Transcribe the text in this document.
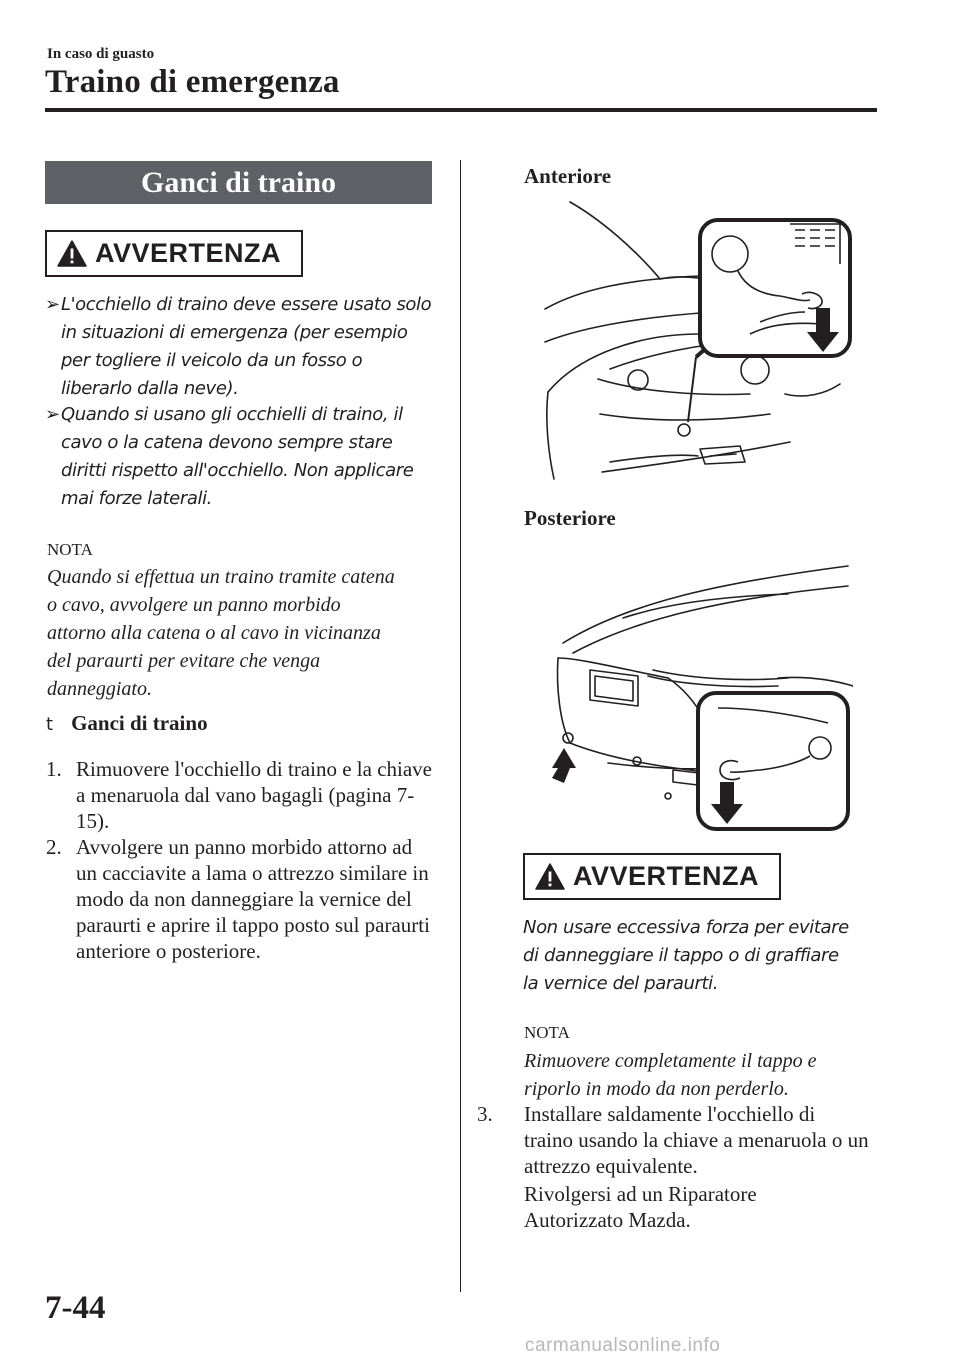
In caso di guasto
Traino di emergenza
Ganci di traino
AVVERTENZA
➢ L'occhiello di traino deve essere usato solo in situazioni di emergenza (per esempio per togliere il veicolo da un fosso o liberarlo dalla neve).
➢ Quando si usano gli occhielli di traino, il cavo o la catena devono sempre stare diritti rispetto all'occhiello. Non applicare mai forze laterali.
NOTA
Quando si effettua un traino tramite catena o cavo, avvolgere un panno morbido attorno alla catena o al cavo in vicinanza del paraurti per evitare che venga danneggiato.
t Ganci di traino
1. Rimuovere l'occhiello di traino e la chiave a menaruola dal vano bagagli (pagina 7-15).
2. Avvolgere un panno morbido attorno ad un cacciavite a lama o attrezzo similare in modo da non danneggiare la vernice del paraurti e aprire il tappo posto sul paraurti anteriore o posteriore.
Anteriore
Posteriore
AVVERTENZA
Non usare eccessiva forza per evitare di danneggiare il tappo o di graffiare la vernice del paraurti.
NOTA
Rimuovere completamente il tappo e riporlo in modo da non perderlo.
3. Installare saldamente l'occhiello di traino usando la chiave a menaruola o un attrezzo equivalente.
Rivolgersi ad un Riparatore Autorizzato Mazda.
7-44
carmanualsonline.info
